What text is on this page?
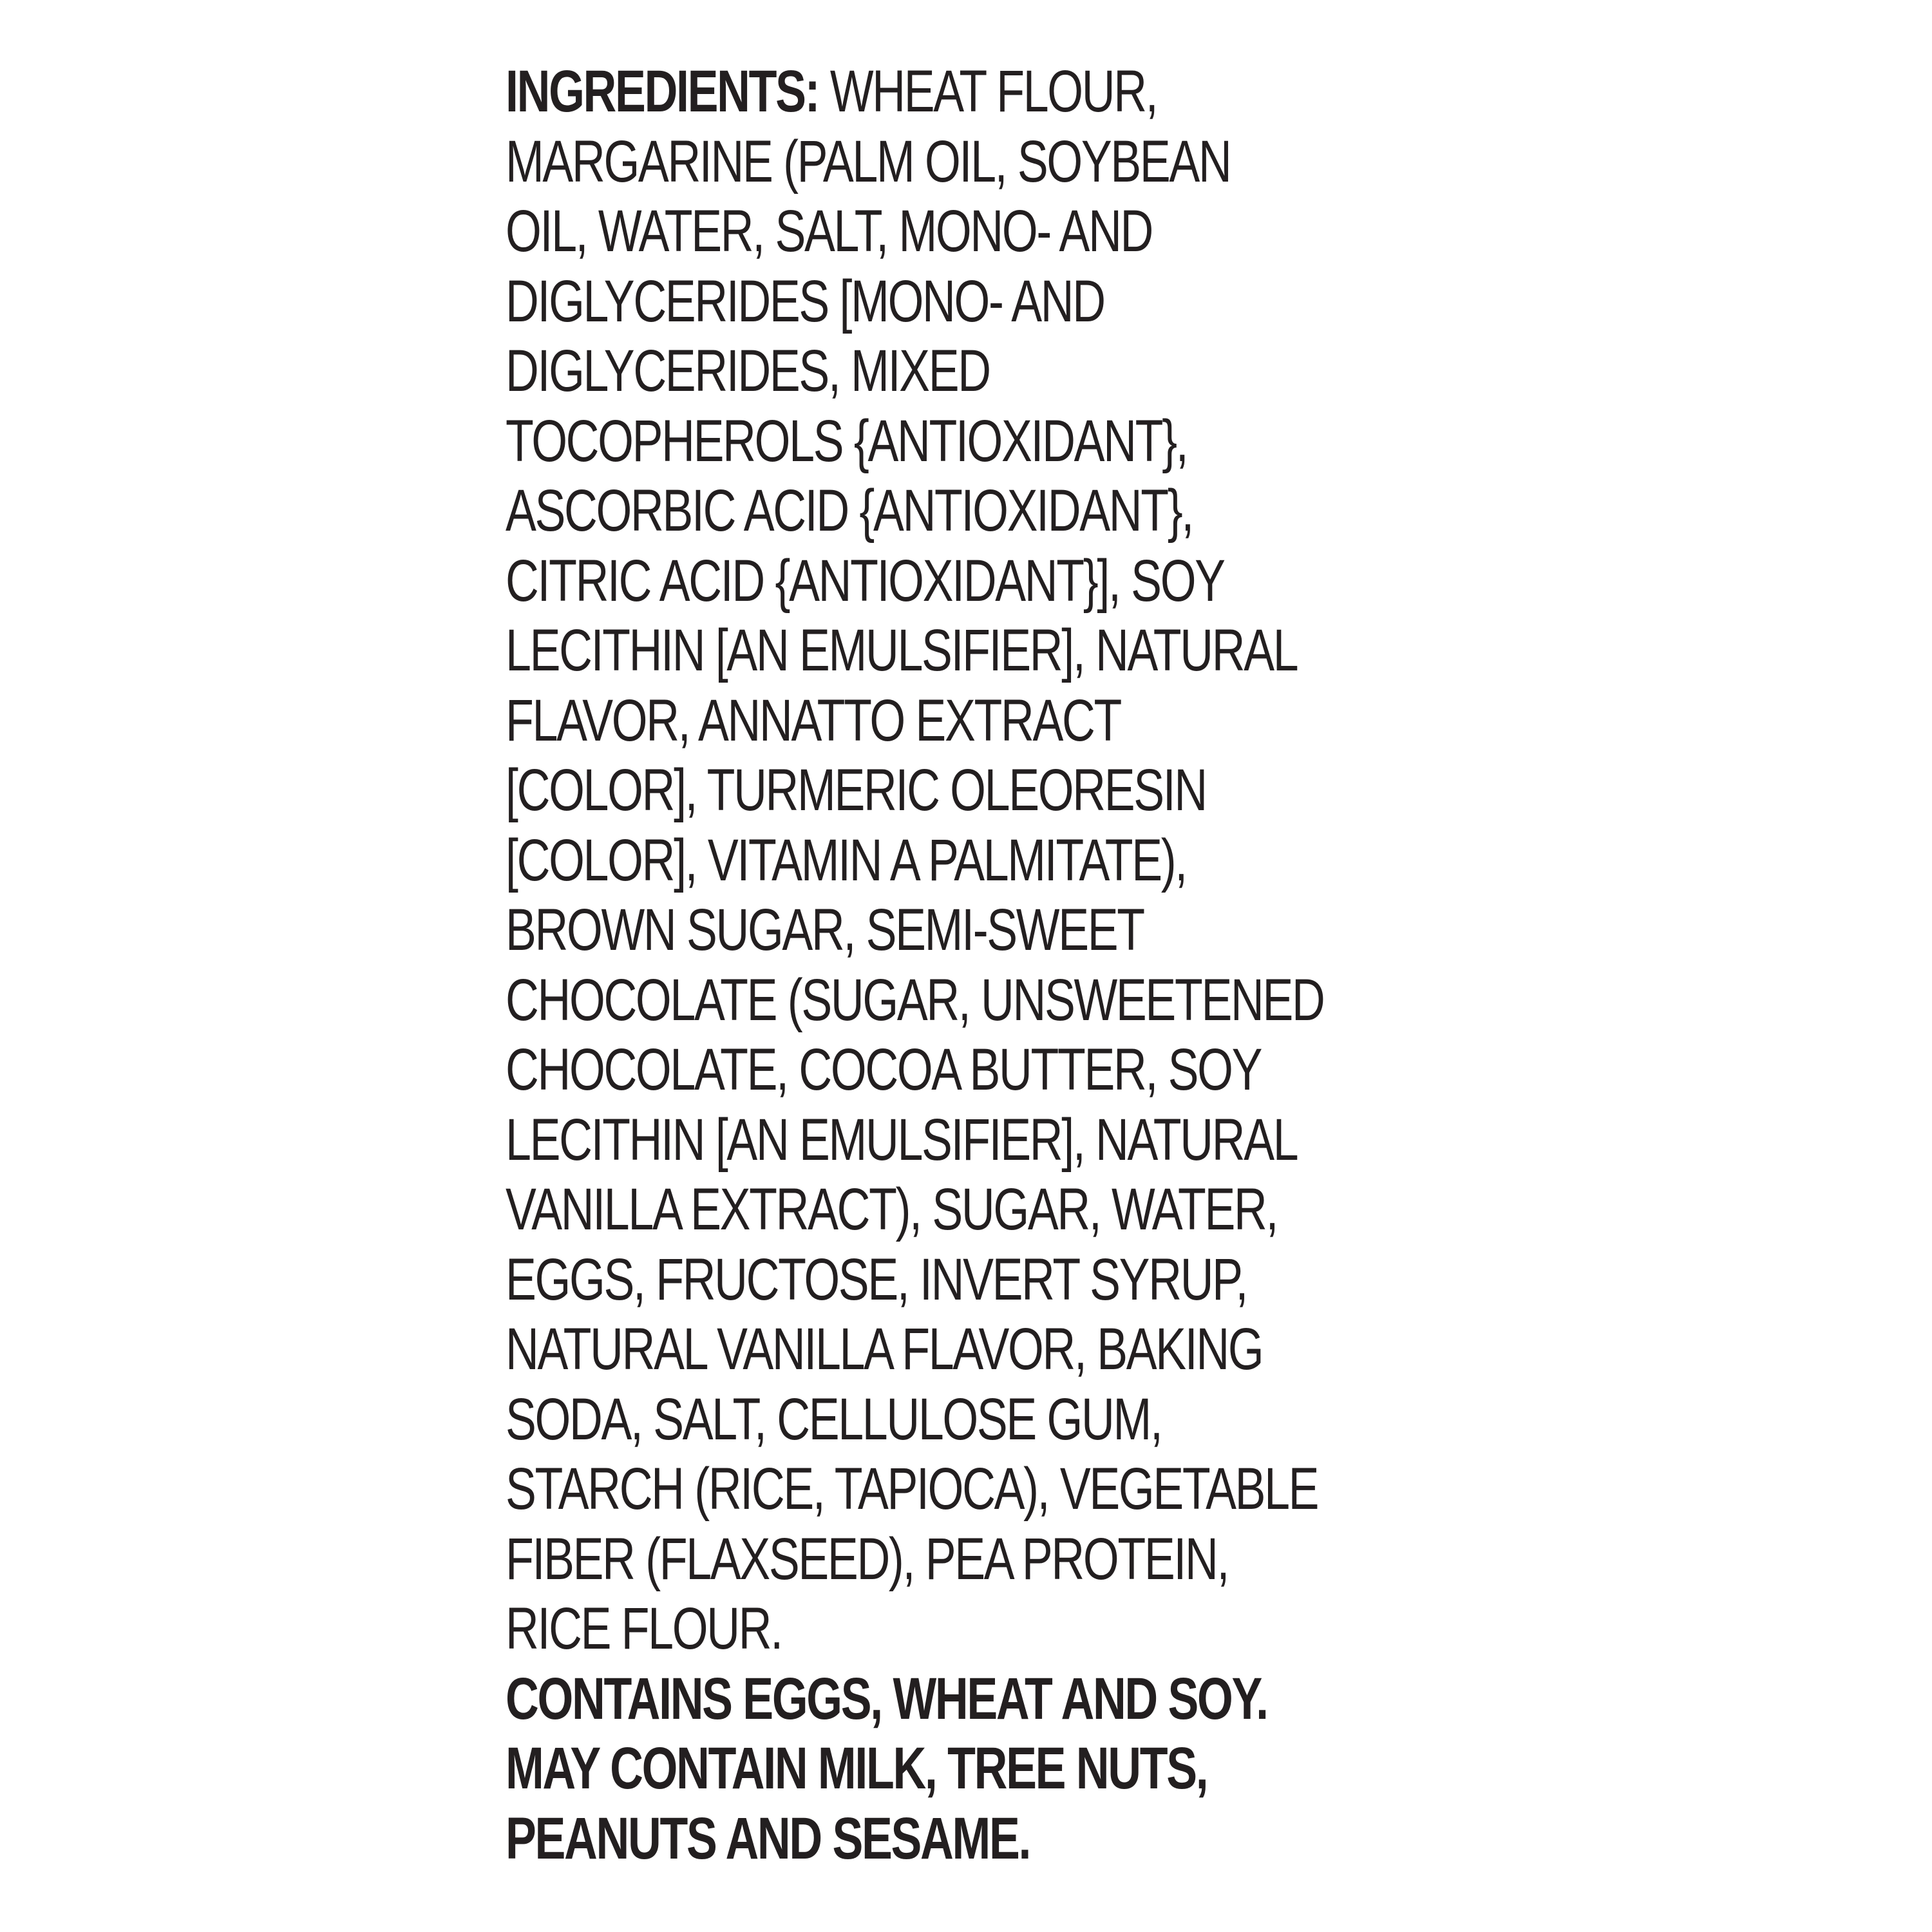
INGREDIENTS: WHEAT FLOUR,
MARGARINE (PALM OIL, SOYBEAN
OIL, WATER, SALT, MONO- AND
DIGLYCERIDES [MONO- AND
DIGLYCERIDES, MIXED
TOCOPHEROLS {ANTIOXIDANT},
ASCORBIC ACID {ANTIOXIDANT},
CITRIC ACID {ANTIOXIDANT}], SOY
LECITHIN [AN EMULSIFIER], NATURAL
FLAVOR, ANNATTO EXTRACT
[COLOR], TURMERIC OLEORESIN
[COLOR], VITAMIN A PALMITATE),
BROWN SUGAR, SEMI-SWEET
CHOCOLATE (SUGAR, UNSWEETENED
CHOCOLATE, COCOA BUTTER, SOY
LECITHIN [AN EMULSIFIER], NATURAL
VANILLA EXTRACT), SUGAR, WATER,
EGGS, FRUCTOSE, INVERT SYRUP,
NATURAL VANILLA FLAVOR, BAKING
SODA, SALT, CELLULOSE GUM,
STARCH (RICE, TAPIOCA), VEGETABLE
FIBER (FLAXSEED), PEA PROTEIN,
RICE FLOUR.
CONTAINS EGGS, WHEAT AND SOY.
MAY CONTAIN MILK, TREE NUTS,
PEANUTS AND SESAME.
